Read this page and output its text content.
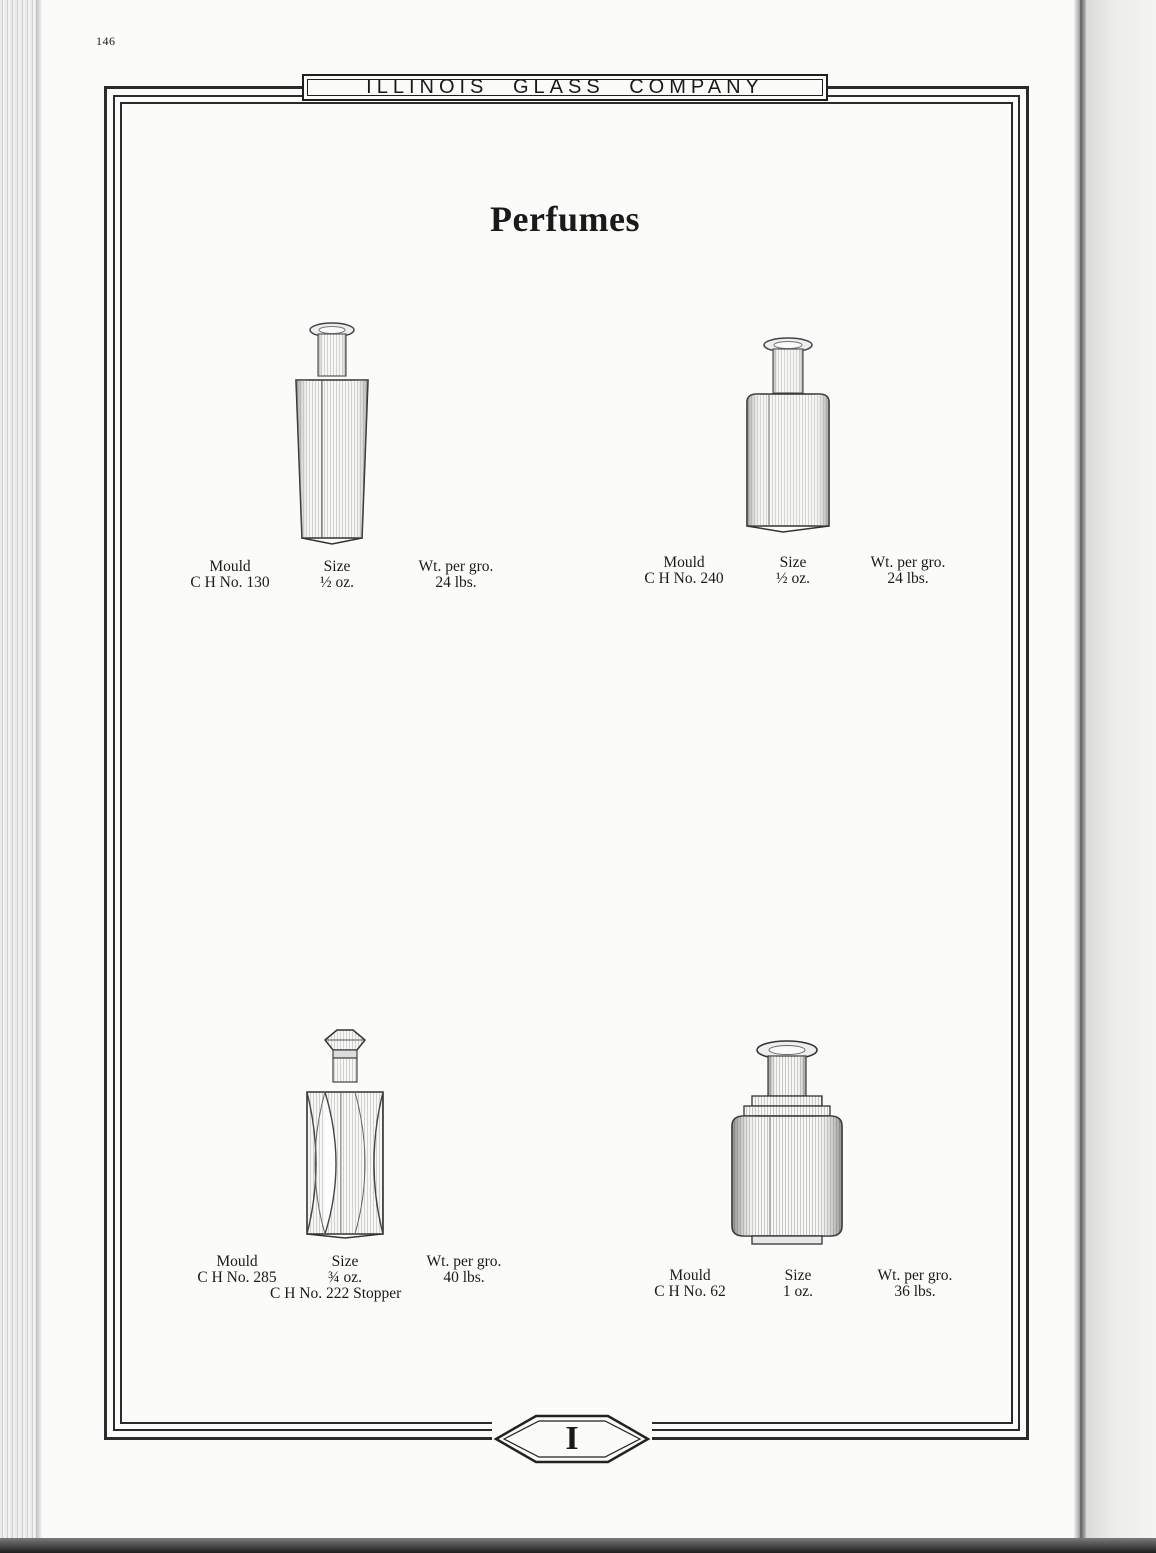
146
ILLINOIS GLASS COMPANY
Perfumes
Mould
C H No. 130
Size
½ oz.
Wt. per gro.
24 lbs.
Mould
C H No. 240
Size
½ oz.
Wt. per gro.
24 lbs.
Mould
C H No. 285
Size
¾ oz.
Wt. per gro.
40 lbs.
C H No. 222 Stopper
Mould
C H No. 62
Size
1 oz.
Wt. per gro.
36 lbs.
I
